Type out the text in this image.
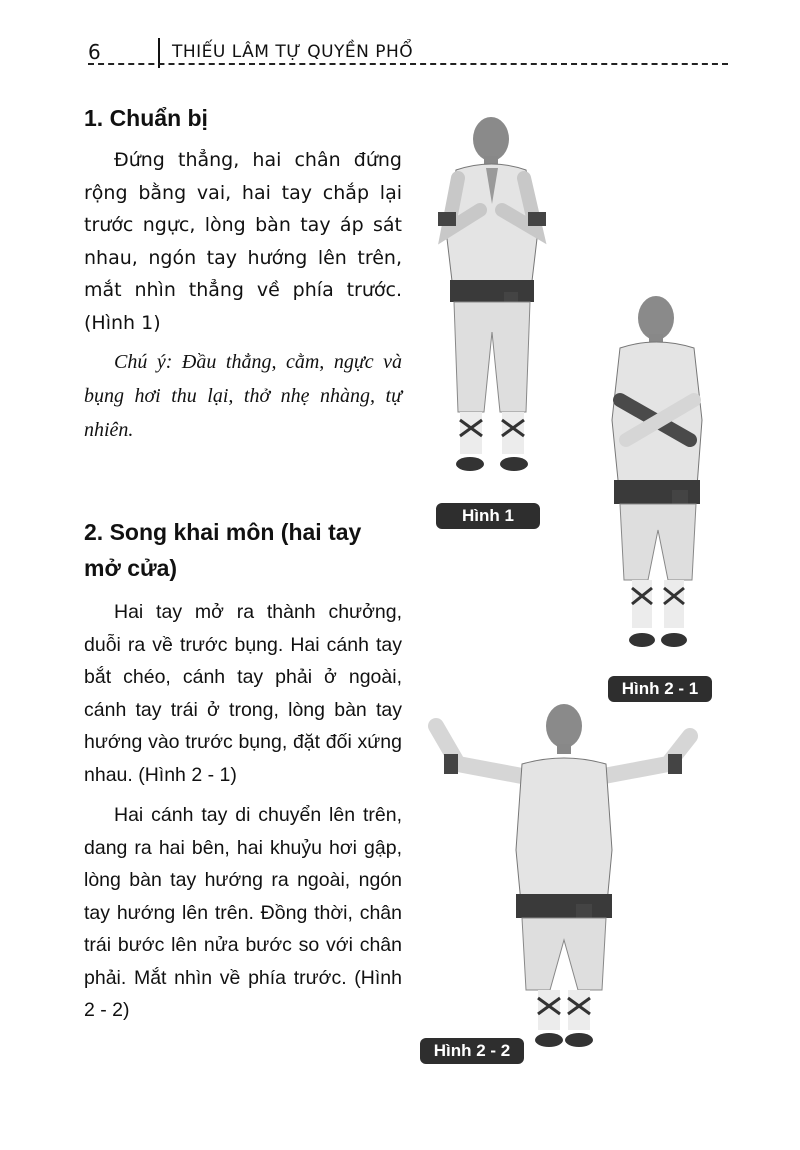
6	THIẾU LÂM TỰ QUYỀN PHỔ
1. Chuẩn bị

Đứng thẳng, hai chân đứng rộng bằng vai, hai tay chắp lại trước ngực, lòng bàn tay áp sát nhau, ngón tay hướng lên trên, mắt nhìn thẳng về phía trước. (Hình 1)

Chú ý: Đầu thẳng, cằm, ngực và bụng hơi thu lại, thở nhẹ nhàng, tự nhiên.

2. Song khai môn (hai tay mở cửa)

Hai tay mở ra thành chưởng, duỗi ra về trước bụng. Hai cánh tay bắt chéo, cánh tay phải ở ngoài, cánh tay trái ở trong, lòng bàn tay hướng vào trước bụng, đặt đối xứng nhau. (Hình 2 - 1)

Hai cánh tay di chuyển lên trên, dang ra hai bên, hai khuỷu hơi gập, lòng bàn tay hướng ra ngoài, ngón tay hướng lên trên. Đồng thời, chân trái bước lên nửa bước so với chân phải. Mắt nhìn về phía trước. (Hình 2 - 2)

Hình 1
Hình 2 - 1
Hình 2 - 2
